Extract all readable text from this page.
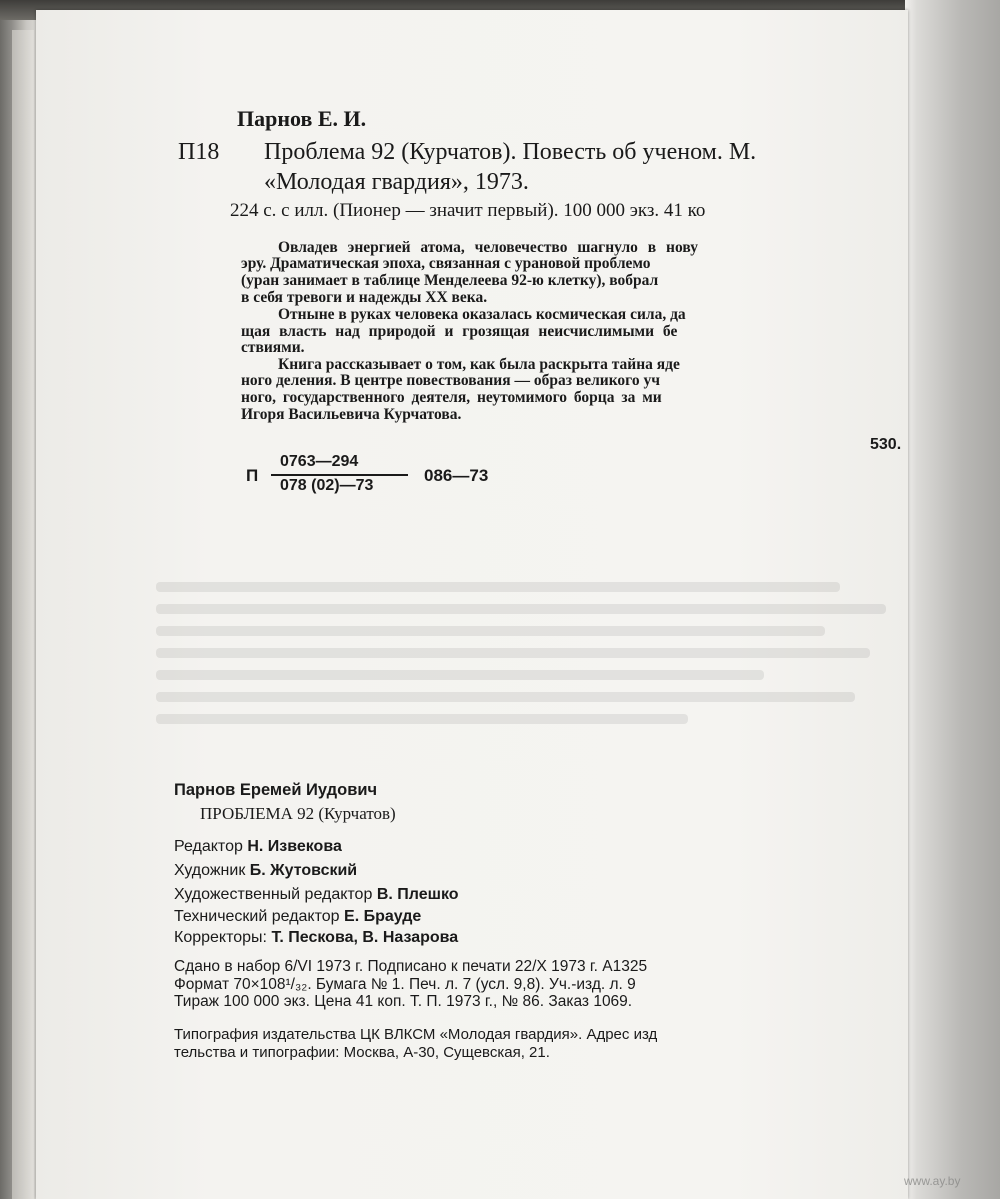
Парнов Е. И.
П18 Проблема 92 (Курчатов). Повесть об ученом. М.
«Молодая гвардия», 1973.
224 с. с илл. (Пионер — значит первый). 100 000 экз. 41 ко
Овладев энергией атома, человечество шагнуло в нову
эру. Драматическая эпоха, связанная с урановой проблемо
(уран занимает в таблице Менделеева 92-ю клетку), вобрал
в себя тревоги и надежды XX века.
Отныне в руках человека оказалась космическая сила, да
щая власть над природой и грозящая неисчислимыми бе
ствиями.
Книга рассказывает о том, как была раскрыта тайна яде
ного деления. В центре повествования — образ великого уч
ного, государственного деятеля, неутомимого борца за ми
Игоря Васильевича Курчатова.
530.
П
0763—294
078 (02)—73
086—73
Парнов Еремей Иудович
ПРОБЛЕМА 92 (Курчатов)
Редактор Н. Извекова
Художник Б. Жутовский
Художественный редактор В. Плешко
Технический редактор Е. Брауде
Корректоры: Т. Пескова, В. Назарова
Сдано в набор 6/VI 1973 г. Подписано к печати 22/X 1973 г. А1325
Формат 70×108¹/₃₂. Бумага № 1. Печ. л. 7 (усл. 9,8). Уч.-изд. л. 9
Тираж 100 000 экз. Цена 41 коп. Т. П. 1973 г., № 86. Заказ 1069.
Типография издательства ЦК ВЛКСМ «Молодая гвардия». Адрес изд
тельства и типографии: Москва, А-30, Сущевская, 21.
www.ay.by
